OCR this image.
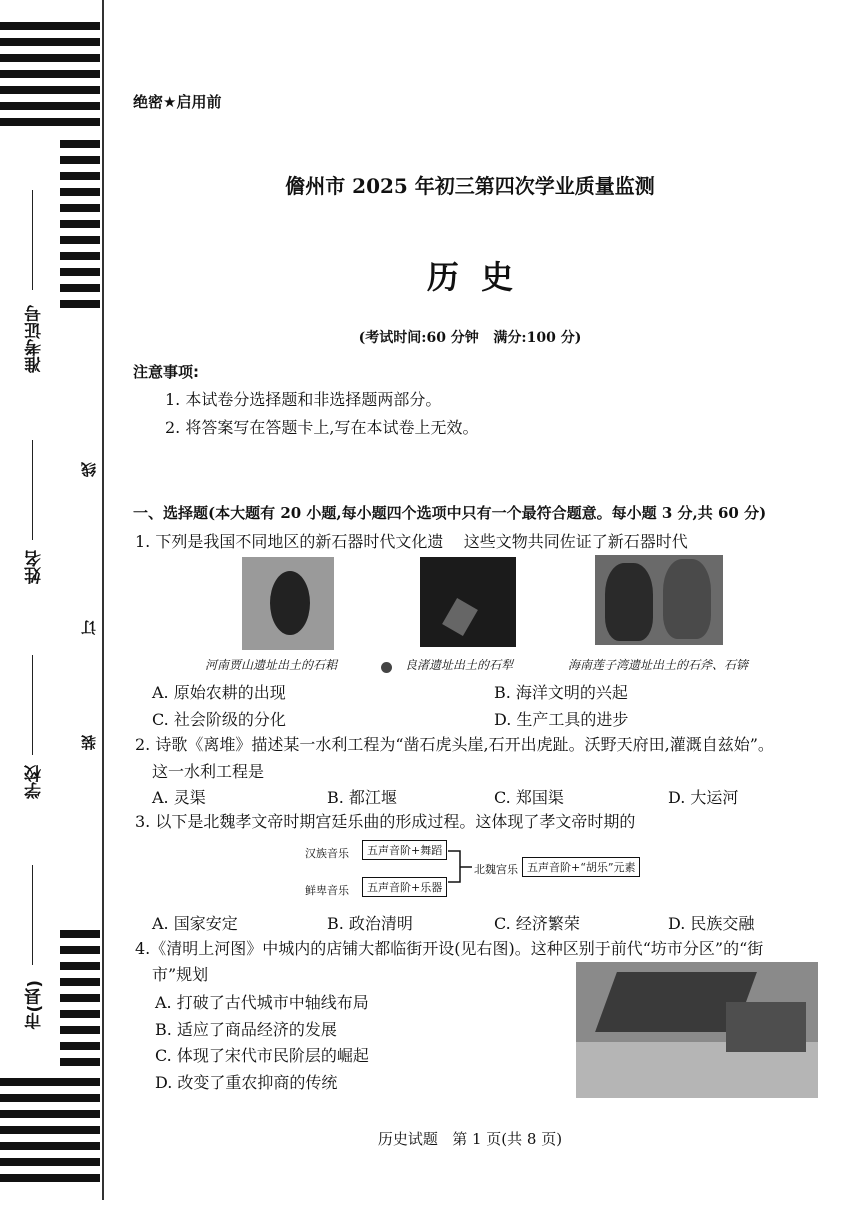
准考证号
姓名
学校
市(县)
线
订
装
绝密★启用前
儋州市 2025 年初三第四次学业质量监测
历  史
(考试时间:60 分钟   满分:100 分)
注意事项:
1. 本试卷分选择题和非选择题两部分。
2. 将答案写在答题卡上,写在本试卷上无效。
一、选择题(本大题有 20 小题,每小题四个选项中只有一个最符合题意。每小题 3 分,共 60 分)
1. 下列是我国不同地区的新石器时代文化遗    这些文物共同佐证了新石器时代
河南贾山遗址出土的石耜	良渚遗址出土的石犁	海南莲子湾遗址出土的石斧、石锛
A. 原始农耕的出现	B. 海洋文明的兴起
C. 社会阶级的分化	D. 生产工具的进步
2. 诗歌《离堆》描述某一水利工程为“凿石虎头崖,石开出虎趾。沃野天府田,灌溉自兹始”。
这一水利工程是
A. 灵渠	B. 都江堰	C. 郑国渠	D. 大运河
3. 以下是北魏孝文帝时期宫廷乐曲的形成过程。这体现了孝文帝时期的
汉族音乐	五声音阶+舞蹈
鲜卑音乐	五声音阶+乐器
北魏宫乐 五声音阶+“胡乐”元素
A. 国家安定	B. 政治清明	C. 经济繁荣	D. 民族交融
4.《清明上河图》中城内的店铺大都临街开设(见右图)。这种区别于前代“坊市分区”的“街
市”规划
A. 打破了古代城市中轴线布局
B. 适应了商品经济的发展
C. 体现了宋代市民阶层的崛起
D. 改变了重农抑商的传统
历史试题   第 1 页(共 8 页)
